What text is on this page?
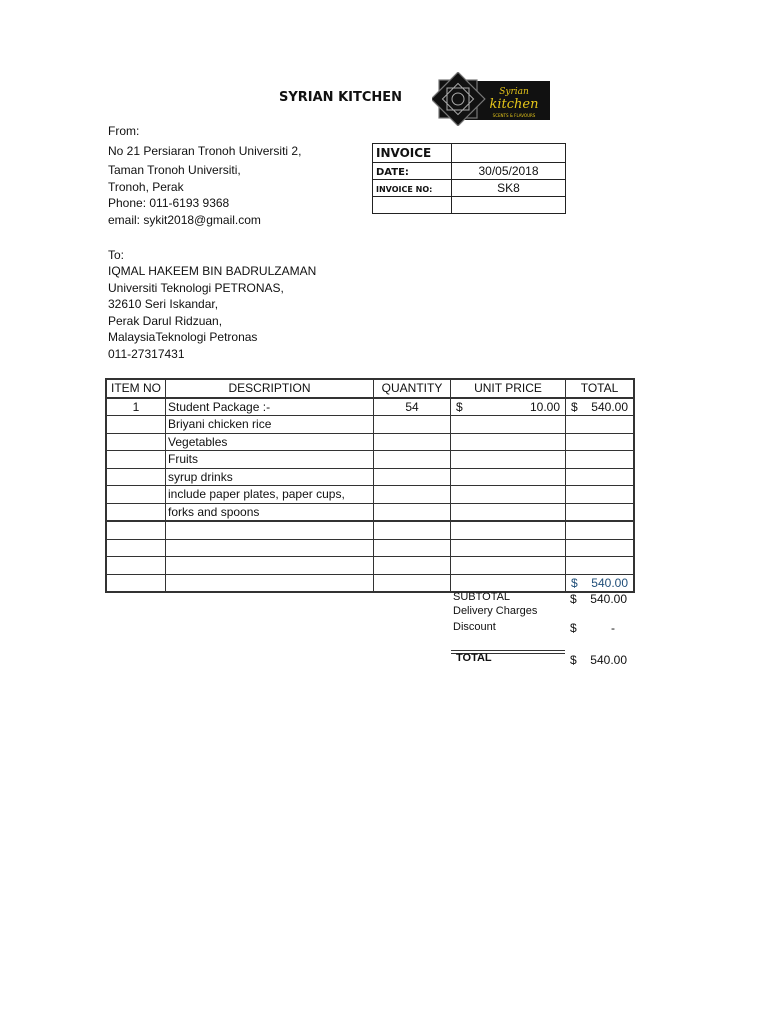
SYRIAN KITCHEN	Syrian
kitchen
SCENTS & FLAVOURS
From:
No 21 Persiaran Tronoh Universiti 2,
Taman Tronoh Universiti,
Tronoh, Perak
Phone: 011-6193 9368
email: sykit2018@gmail.com
To:
IQMAL HAKEEM BIN BADRULZAMAN
Universiti Teknologi PETRONAS,
32610 Seri Iskandar,
Perak Darul Ridzuan,
MalaysiaTeknologi Petronas
011-27317431
INVOICE	
DATE:	30/05/2018
INVOICE NO:	SK8

ITEM NO	DESCRIPTION	QUANTITY	UNIT PRICE	TOTAL
1	Student Package :-	54	$ 10.00	$ 540.00

	Briyani chicken rice			
	Vegetables			
	Fruits			
	syrup drinks			
	include paper plates, paper cups,			
	forks and spoons			

				$ 540.00
SUBTOTAL	$ 540.00
Delivery Charges
Discount	$	-
TOTAL	$ 540.00
